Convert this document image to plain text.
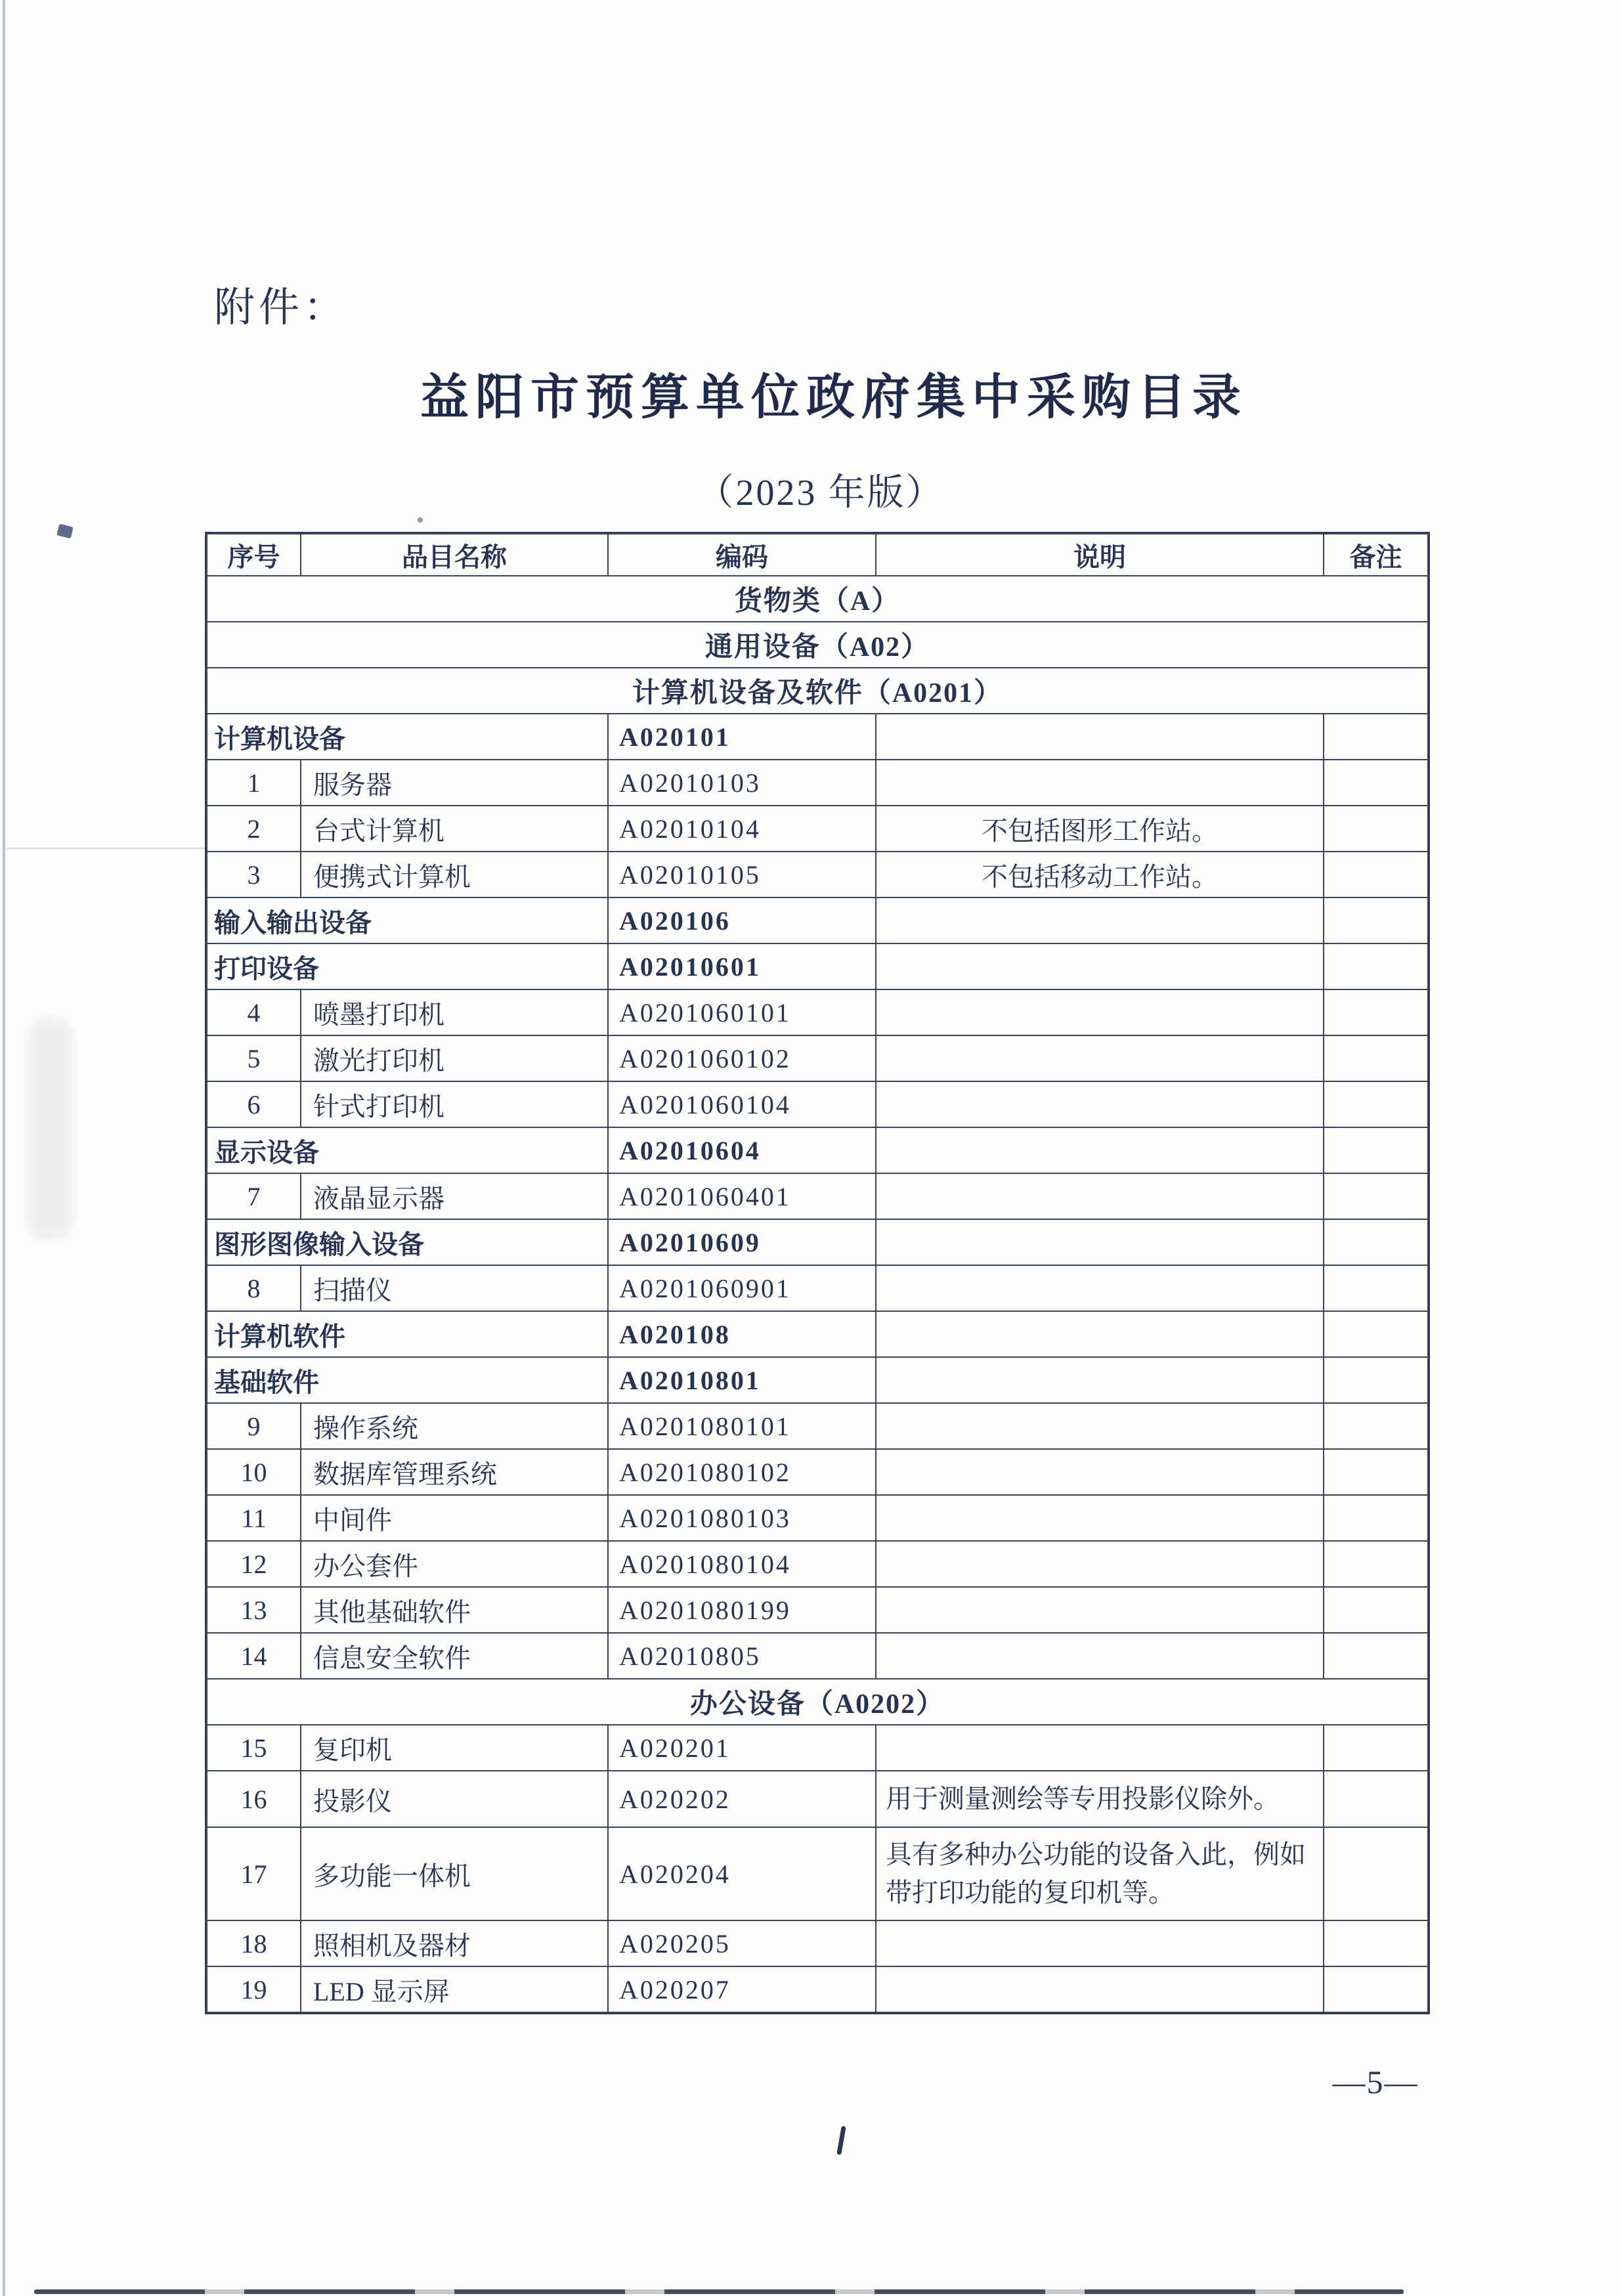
附件：
益阳市预算单位政府集中采购目录
（2023 年版）
序号	品目名称	编码	说明	备注
货物类（A）				
通用设备（A02）				
计算机设备及软件（A0201）				
计算机设备		A020101		
1	服务器	A02010103		
2	台式计算机	A02010104	不包括图形工作站。	
3	便携式计算机	A02010105	不包括移动工作站。	
输入输出设备		A020106		
打印设备		A02010601		
4	喷墨打印机	A0201060101		
5	激光打印机	A0201060102		
6	针式打印机	A0201060104		
显示设备		A02010604		
7	液晶显示器	A0201060401		
图形图像输入设备		A02010609		
8	扫描仪	A0201060901		
计算机软件		A020108		
基础软件		A02010801		
9	操作系统	A0201080101		
10	数据库管理系统	A0201080102		
11	中间件	A0201080103		
12	办公套件	A0201080104		
13	其他基础软件	A0201080199		
14	信息安全软件	A02010805		
办公设备（A0202）				
15	复印机	A020201		
16	投影仪	A020202	用于测量测绘等专用投影仪除外。	
17	多功能一体机	A020204	具有多种办公功能的设备入此，例如带打印功能的复印机等。	
18	照相机及器材	A020205		
19	LED 显示屏	A020207		
—5—
